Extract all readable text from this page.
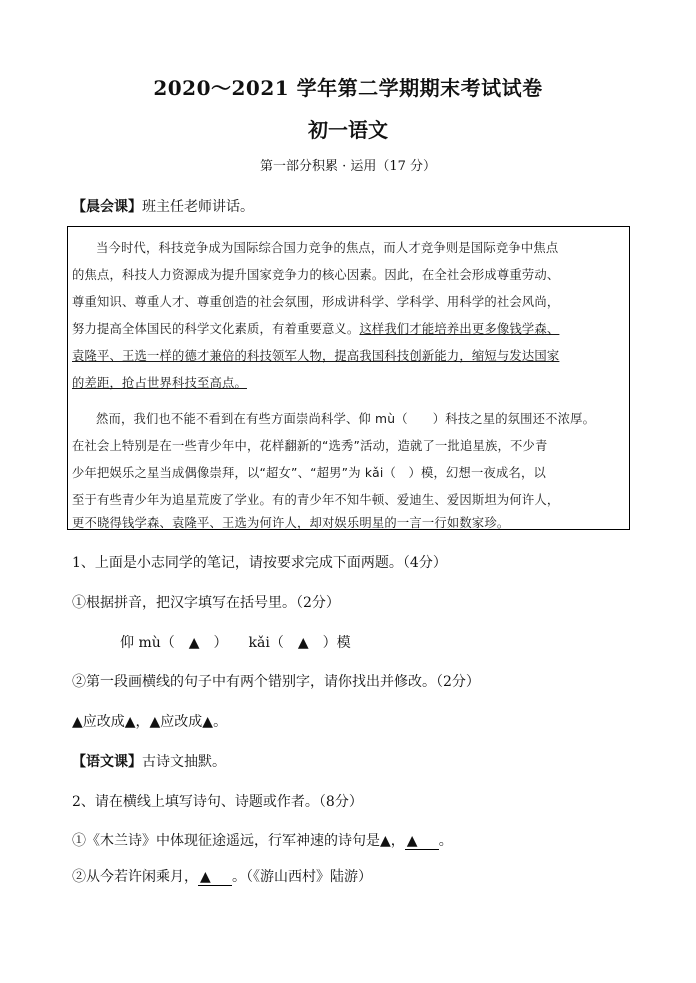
2020～2021 学年第二学期期末考试试卷
初一语文
第一部分积累 · 运用（17 分）
【晨会课】班主任老师讲话。
当今时代，科技竞争成为国际综合国力竞争的焦点，而人才竞争则是国际竞争中焦点
的焦点，科技人力资源成为提升国家竞争力的核心因素。因此，在全社会形成尊重劳动、
尊重知识、尊重人才、尊重创造的社会氛围，形成讲科学、学科学、用科学的社会风尚，
努力提高全体国民的科学文化素质，有着重要意义。这样我们才能培养出更多像钱学森、
袁隆平、王选一样的德才兼倍的科技领军人物，提高我国科技创新能力，缩短与发达国家
的差距，抢占世界科技至高点。
然而，我们也不能不看到在有些方面崇尚科学、仰 mù（　　）科技之星的氛围还不浓厚。
在社会上特别是在一些青少年中，花样翻新的“选秀”活动，造就了一批追星族，不少青
少年把娱乐之星当成偶像崇拜，以“超女”、“超男”为 kǎi（　）模，幻想一夜成名，以
至于有些青少年为追星荒废了学业。有的青少年不知牛顿、爱迪生、爱因斯坦为何许人，
更不晓得钱学森、袁隆平、王选为何许人，却对娱乐明星的一言一行如数家珍。
1、上面是小志同学的笔记，请按要求完成下面两题。（4分）
①根据拼音，把汉字填写在括号里。（2分）
仰 mù（　▲　）　　kǎi（　▲　）模
②第一段画横线的句子中有两个错别字，请你找出并修改。（2分）
▲应改成▲，▲应改成▲。
【语文课】古诗文抽默。
2、请在横线上填写诗句、诗题或作者。（8分）
①《木兰诗》中体现征途遥远，行军神速的诗句是▲， ▲ 。
②从今若许闲乘月， ▲ 。（《游山西村》陆游）
